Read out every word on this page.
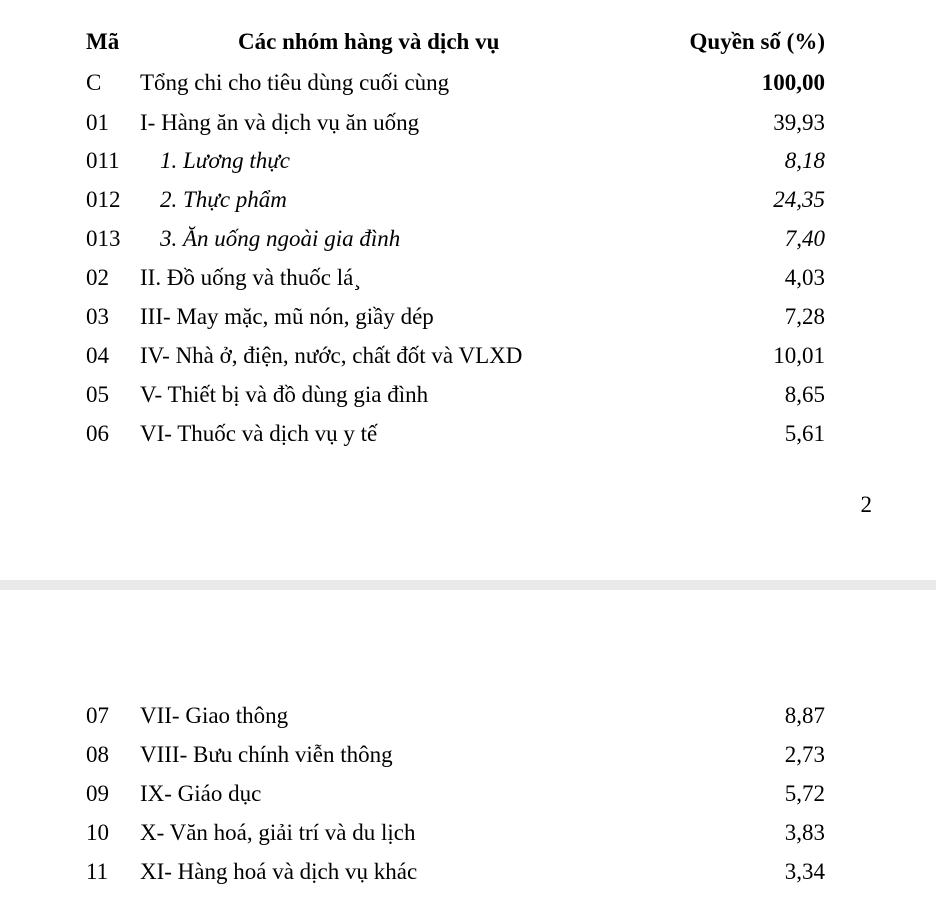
Mã	Các nhóm hàng và dịch vụ	Quyền số (%)
C Tổng chi cho tiêu dùng cuối cùng	100,00
01 I- Hàng ăn và dịch vụ ăn uống	39,93
011 1. Lương thực	8,18
012 2. Thực phẩm	24,35
013 3. Ăn uống ngoài gia đình	7,40
02 II. Đồ uống và thuốc lá¸	4,03
03 III- May mặc, mũ nón, giầy dép	7,28
04 IV- Nhà ở, điện, nước, chất đốt và VLXD	10,01
05 V- Thiết bị và đồ dùng gia đình	8,65
06 VI- Thuốc và dịch vụ y tế	5,61
2
07 VII- Giao thông	8,87
08 VIII- Bưu chính viễn thông	2,73
09 IX- Giáo dục	5,72
10 X- Văn hoá, giải trí và du lịch	3,83
11 XI- Hàng hoá và dịch vụ khác	3,34
